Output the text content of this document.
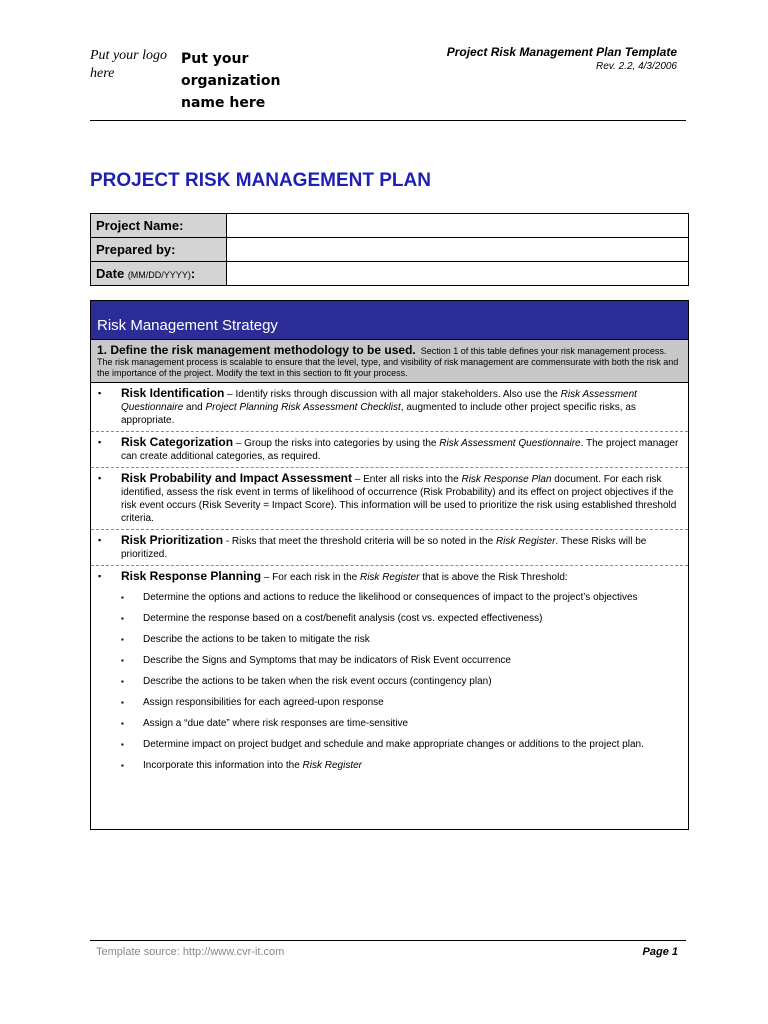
Put your logo here
Put your organization name here
Project Risk Management Plan Template
Rev. 2.2, 4/3/2006
PROJECT RISK MANAGEMENT PLAN
Project Name:	
Prepared by:	
Date (MM/DD/YYYY):	
Risk Management Strategy
1. Define the risk management methodology to be used. Section 1 of this table defines your risk management process. The risk management process is scalable to ensure that the level, type, and visibility of risk management are commensurate with both the risk and the importance of the project. Modify the text in this section to fit your process.
▪ Risk Identification – Identify risks through discussion with all major stakeholders. Also use the Risk Assessment Questionnaire and Project Planning Risk Assessment Checklist, augmented to include other project specific risks, as appropriate.
▪ Risk Categorization – Group the risks into categories by using the Risk Assessment Questionnaire. The project manager can create additional categories, as required.
▪ Risk Probability and Impact Assessment – Enter all risks into the Risk Response Plan document. For each risk identified, assess the risk event in terms of likelihood of occurrence (Risk Probability) and its effect on project objectives if the risk event occurs (Risk Severity = Impact Score). This information will be used to prioritize the risk using established threshold criteria.
▪ Risk Prioritization - Risks that meet the threshold criteria will be so noted in the Risk Register. These Risks will be prioritized.
▪ Risk Response Planning – For each risk in the Risk Register that is above the Risk Threshold:
▪ Determine the options and actions to reduce the likelihood or consequences of impact to the project’s objectives
▪ Determine the response based on a cost/benefit analysis (cost vs. expected effectiveness)
▪ Describe the actions to be taken to mitigate the risk
▪ Describe the Signs and Symptoms that may be indicators of Risk Event occurrence
▪ Describe the actions to be taken when the risk event occurs (contingency plan)
▪ Assign responsibilities for each agreed-upon response
▪ Assign a “due date” where risk responses are time-sensitive
▪ Determine impact on project budget and schedule and make appropriate changes or additions to the project plan.
▪ Incorporate this information into the Risk Register
Template source: http://www.cvr-it.com	Page 1
